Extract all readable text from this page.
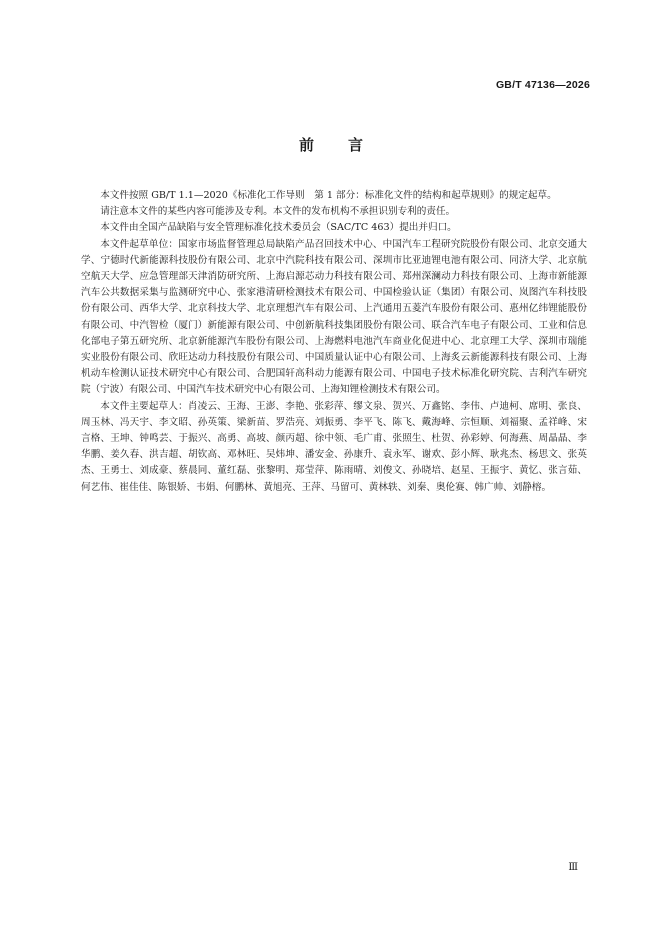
GB/T 47136—2026
前言

本文件按照 GB/T 1.1—2020《标准化工作导则　第 1 部分：标准化文件的结构和起草规则》的规定起草。

请注意本文件的某些内容可能涉及专利。本文件的发布机构不承担识别专利的责任。

本文件由全国产品缺陷与安全管理标准化技术委员会（SAC/TC 463）提出并归口。

本文件起草单位：国家市场监督管理总局缺陷产品召回技术中心、中国汽车工程研究院股份有限公司、北京交通大学、宁德时代新能源科技股份有限公司、北京中汽院科技有限公司、深圳市比亚迪锂电池有限公司、同济大学、北京航空航天大学、应急管理部天津消防研究所、上海启源芯动力科技有限公司、郑州深澜动力科技有限公司、上海市新能源汽车公共数据采集与监测研究中心、张家港清研检测技术有限公司、中国检验认证（集团）有限公司、岚图汽车科技股份有限公司、西华大学、北京科技大学、北京理想汽车有限公司、上汽通用五菱汽车股份有限公司、惠州亿纬锂能股份有限公司、中汽智检（厦门）新能源有限公司、中创新航科技集团股份有限公司、联合汽车电子有限公司、工业和信息化部电子第五研究所、北京新能源汽车股份有限公司、上海燃料电池汽车商业化促进中心、北京理工大学、深圳市瑞能实业股份有限公司、欣旺达动力科技股份有限公司、中国质量认证中心有限公司、上海炙云新能源科技有限公司、上海机动车检测认证技术研究中心有限公司、合肥国轩高科动力能源有限公司、中国电子技术标准化研究院、吉利汽车研究院（宁波）有限公司、中国汽车技术研究中心有限公司、上海知锂检测技术有限公司。

本文件主要起草人：肖凌云、王海、王澎、李艳、张彩萍、缪文泉、贺兴、万鑫铭、李伟、卢迪柯、席明、张良、周玉林、冯天宇、李文昭、孙英策、梁新苗、罗浩亮、刘振勇、李平飞、陈飞、戴海峰、宗恒顺、刘福聚、孟祥峰、宋言格、王坤、钟鸣芸、于振兴、高勇、高坡、颜丙超、徐中领、毛广甫、张照生、杜贺、孙彩婷、何海燕、周晶晶、李华鹏、姜久春、洪吉超、胡钦高、邓林旺、吴炜坤、潘安金、孙康升、袁永军、谢欢、彭小辉、耿兆杰、杨思文、张英杰、王勇士、刘成豪、蔡晨同、董红磊、张黎明、郑莹萍、陈雨晴、刘俊文、孙晓培、赵星、王振宇、黄忆、张言茹、何艺伟、崔佳佳、陈银娇、韦娟、何鹏林、黄旭亮、王萍、马留可、黄林轶、刘秦、奥伦赛、韩广帅、刘静榕。

Ⅲ
